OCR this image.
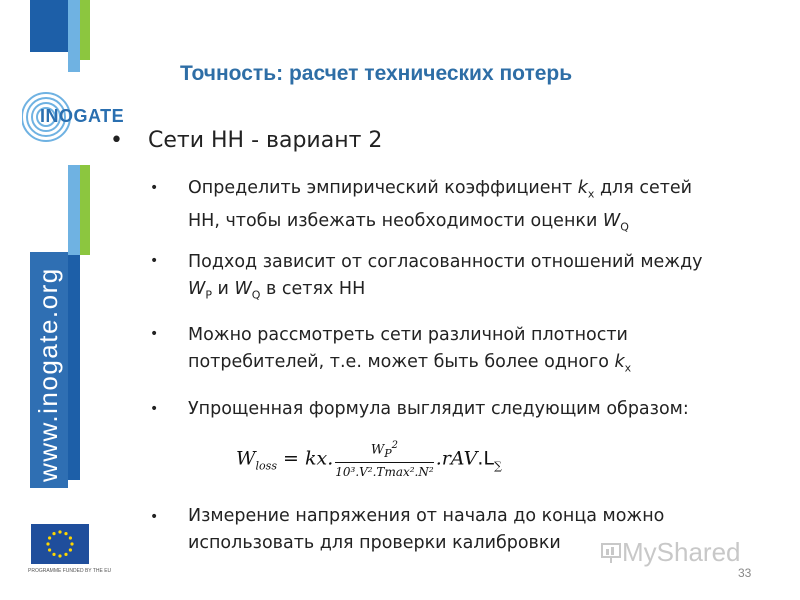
INOGATE
www.inogate.org
PROGRAMME FUNDED BY THE EU
Точность: расчет технических потерь
• Сети НН - вариант 2
• Определить эмпирический коэффициент $k_x$ для сетей
НН, чтобы избежать необходимости оценки $W_Q$
• Подход зависит от согласованности отношений между
$W_P$ и $W_Q$ в сетях НН
• Можно рассмотреть сети различной плотности
потребителей, т.е. может быть более одного $k_x$
• Упрощенная формула выглядит следующим образом:
$W_{loss}$ = kx. $\frac{W_P^2}{\text{10³.V².Tmax².N²}} .rAV.L_\sum$
• Измерение напряжения от начала до конца можно
использовать для проверки калибровки	MyShared
33
